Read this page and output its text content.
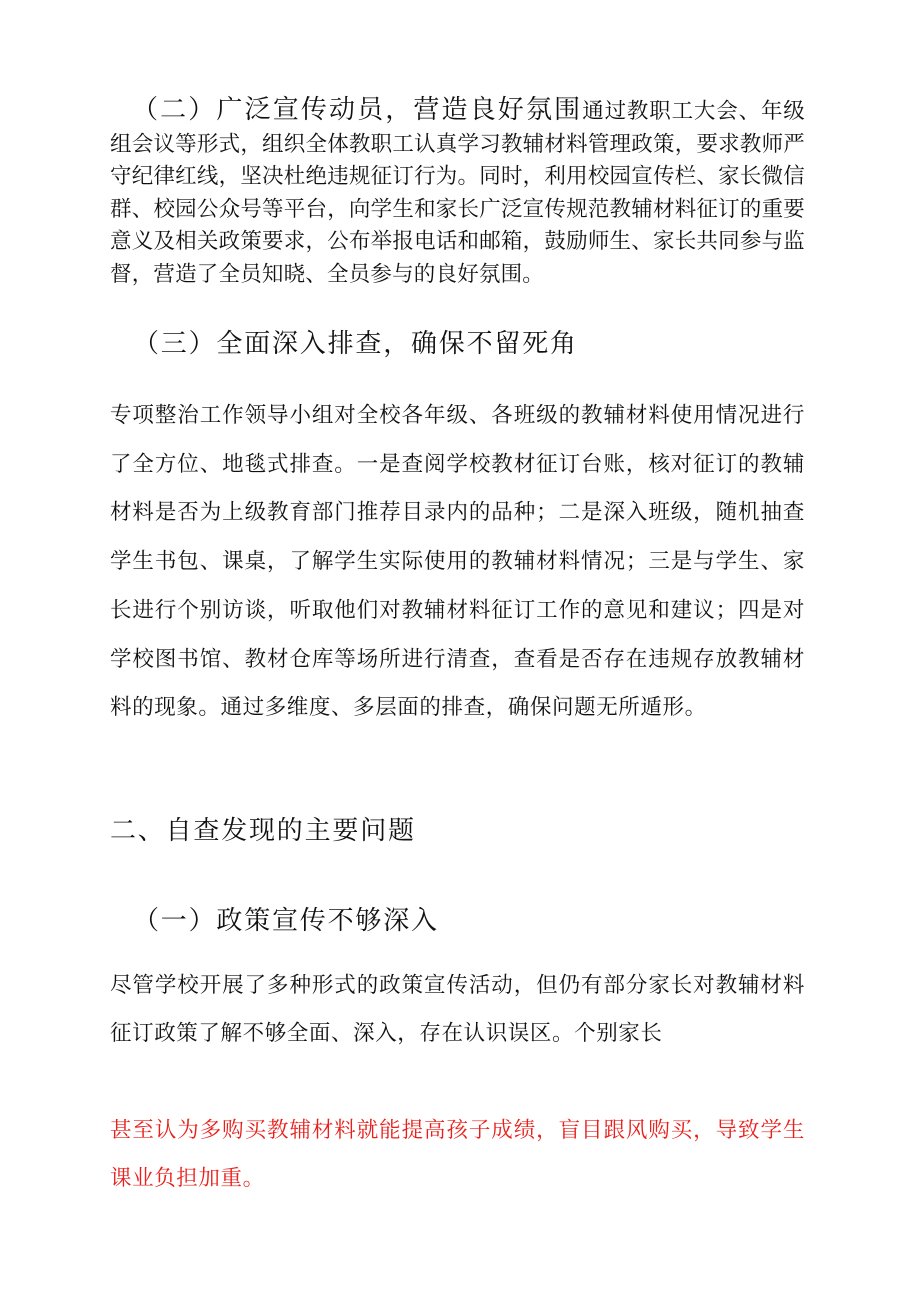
（二）广泛宣传动员，营造良好氛围通过教职工大会、年级组会议等形式，组织全体教职工认真学习教辅材料管理政策，要求教师严守纪律红线，坚决杜绝违规征订行为。同时，利用校园宣传栏、家长微信群、校园公众号等平台，向学生和家长广泛宣传规范教辅材料征订的重要意义及相关政策要求，公布举报电话和邮箱，鼓励师生、家长共同参与监督，营造了全员知晓、全员参与的良好氛围。

（三）全面深入排查，确保不留死角

专项整治工作领导小组对全校各年级、各班级的教辅材料使用情况进行了全方位、地毯式排查。一是查阅学校教材征订台账，核对征订的教辅材料是否为上级教育部门推荐目录内的品种；二是深入班级，随机抽查学生书包、课桌，了解学生实际使用的教辅材料情况；三是与学生、家长进行个别访谈，听取他们对教辅材料征订工作的意见和建议；四是对学校图书馆、教材仓库等场所进行清查，查看是否存在违规存放教辅材料的现象。通过多维度、多层面的排查，确保问题无所遁形。

二、自查发现的主要问题
（一）政策宣传不够深入

尽管学校开展了多种形式的政策宣传活动，但仍有部分家长对教辅材料征订政策了解不够全面、深入，存在认识误区。个别家长

甚至认为多购买教辅材料就能提高孩子成绩，盲目跟风购买，导致学生课业负担加重。
